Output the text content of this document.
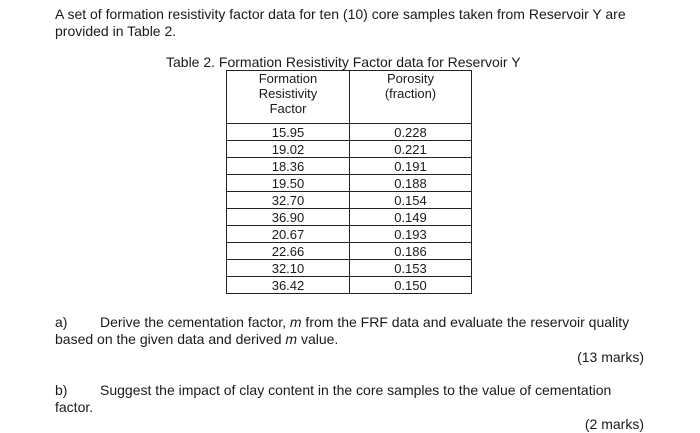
A set of formation resistivity factor data for ten (10) core samples taken from Reservoir Y are
provided in Table 2.
Table 2. Formation Resistivity Factor data for Reservoir Y
Formation
Resistivity
Factor	Porosity
(fraction)

15.95	0.228
19.02	0.221
18.36	0.191
19.50	0.188
32.70	0.154
36.90	0.149
20.67	0.193
22.66	0.186
32.10	0.153
36.42	0.150
a) Derive the cementation factor, m from the FRF data and evaluate the reservoir quality
based on the given data and derived m value.
(13 marks)
b) Suggest the impact of clay content in the core samples to the value of cementation
factor.
(2 marks)
